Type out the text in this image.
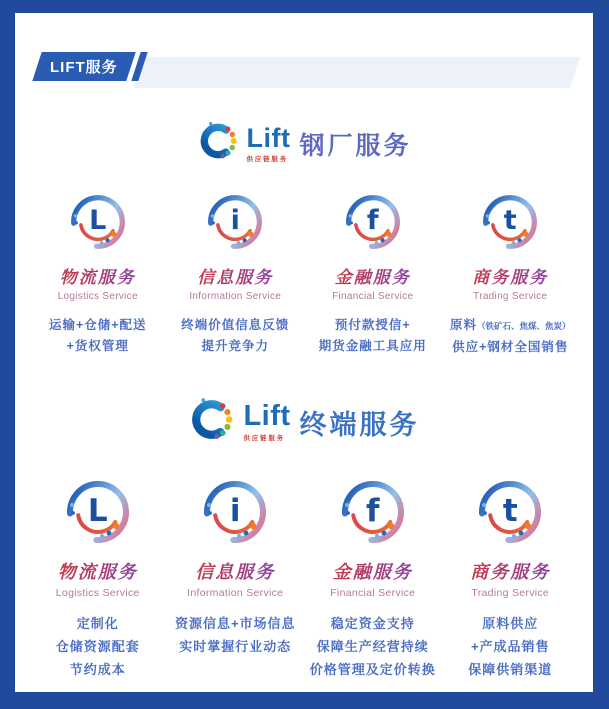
LIFT服务
Lift
供应链服务 钢厂服务
L
物流服务
Logistics Service
运输+仓储+配送
+货权管理
i
信息服务
Information Service
终端价值信息反馈
提升竞争力
f
金融服务
Financial Service
预付款授信+
期货金融工具应用
t
商务服务
Trading Service
原料（铁矿石、焦煤、焦炭）
供应+钢材全国销售
Lift
供应链服务 终端服务
L
物流服务
Logistics Service
定制化
仓储资源配套
节约成本
i
信息服务
Information Service
资源信息+市场信息
实时掌握行业动态
f
金融服务
Financial Service
稳定资金支持
保障生产经营持续
价格管理及定价转换
t
商务服务
Trading Service
原料供应
+产成品销售
保障供销渠道
